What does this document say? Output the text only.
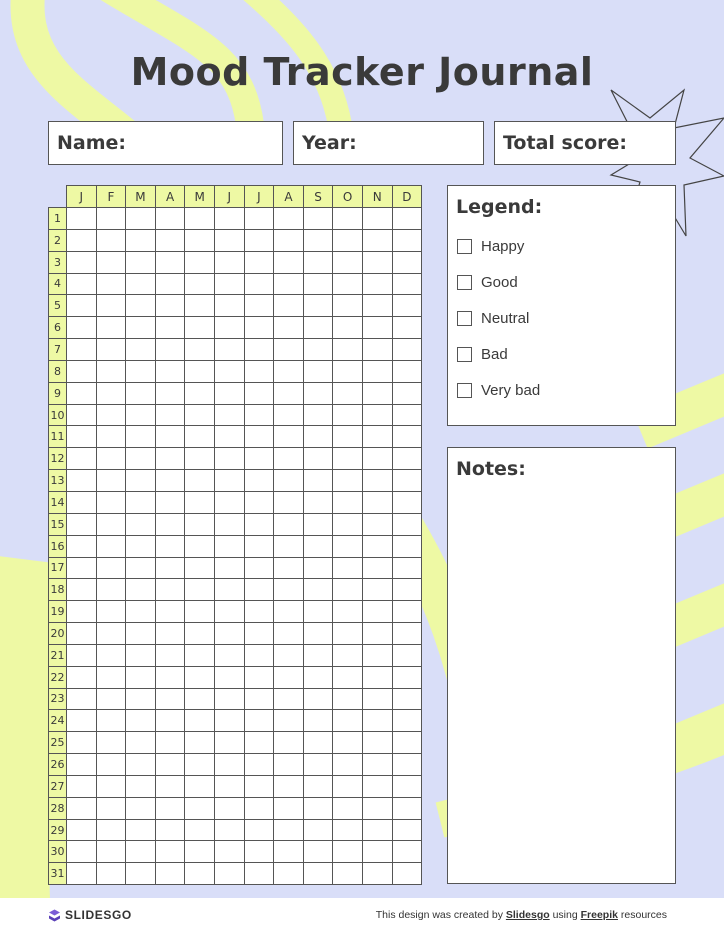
Mood Tracker Journal
Name:	Year:	Total score:
	J	F	M	A	M	J	J	A	S	O	N	D
1												
2												
3												
4												
5												
6												
7												
8												
9												
10												
11												
12												
13												
14												
15												
16												
17												
18												
19												
20												
21												
22												
23												
24												
25												
26												
27												
28												
29												
30												
31												
Legend:
Happy
Good
Neutral
Bad
Very bad
Notes:
SLIDESGO	This design was created by Slidesgo using Freepik resources
